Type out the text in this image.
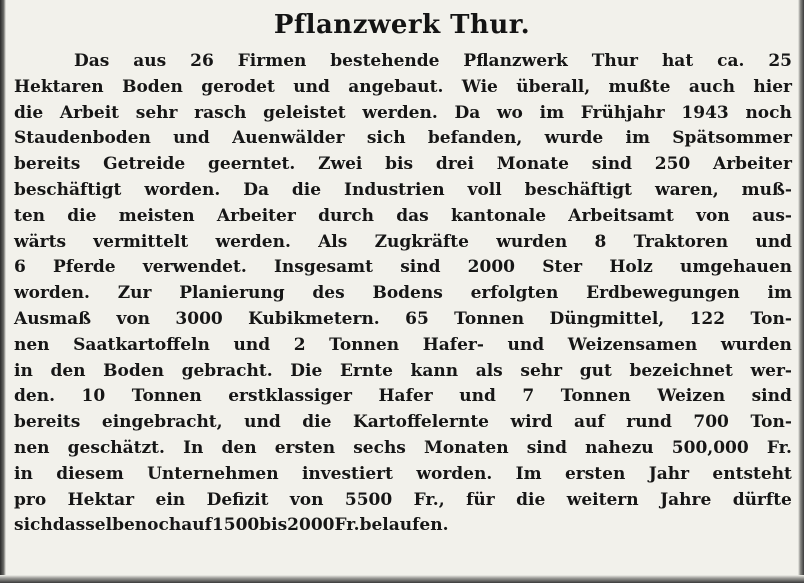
Pflanzwerk Thur.
Das aus 26 Firmen bestehende Pflanzwerk Thur hat ca. 25
Hektaren Boden gerodet und angebaut. Wie überall, mußte auch hier
die Arbeit sehr rasch geleistet werden. Da wo im Frühjahr 1943 noch
Staudenboden und Auenwälder sich befanden, wurde im Spätsommer
bereits Getreide geerntet. Zwei bis drei Monate sind 250 Arbeiter
beschäftigt worden. Da die Industrien voll beschäftigt waren, muß-
ten die meisten Arbeiter durch das kantonale Arbeitsamt von aus-
wärts vermittelt werden. Als Zugkräfte wurden 8 Traktoren und
6 Pferde verwendet. Insgesamt sind 2000 Ster Holz umgehauen
worden. Zur Planierung des Bodens erfolgten Erdbewegungen im
Ausmaß von 3000 Kubikmetern. 65 Tonnen Düngmittel, 122 Ton-
nen Saatkartoffeln und 2 Tonnen Hafer- und Weizensamen wurden
in den Boden gebracht. Die Ernte kann als sehr gut bezeichnet wer-
den. 10 Tonnen erstklassiger Hafer und 7 Tonnen Weizen sind
bereits eingebracht, und die Kartoffelernte wird auf rund 700 Ton-
nen geschätzt. In den ersten sechs Monaten sind nahezu 500,000 Fr.
in diesem Unternehmen investiert worden. Im ersten Jahr entsteht
pro Hektar ein Defizit von 5500 Fr., für die weitern Jahre dürfte
sich dasselbe noch auf 1500 bis 2000 Fr. belaufen.
